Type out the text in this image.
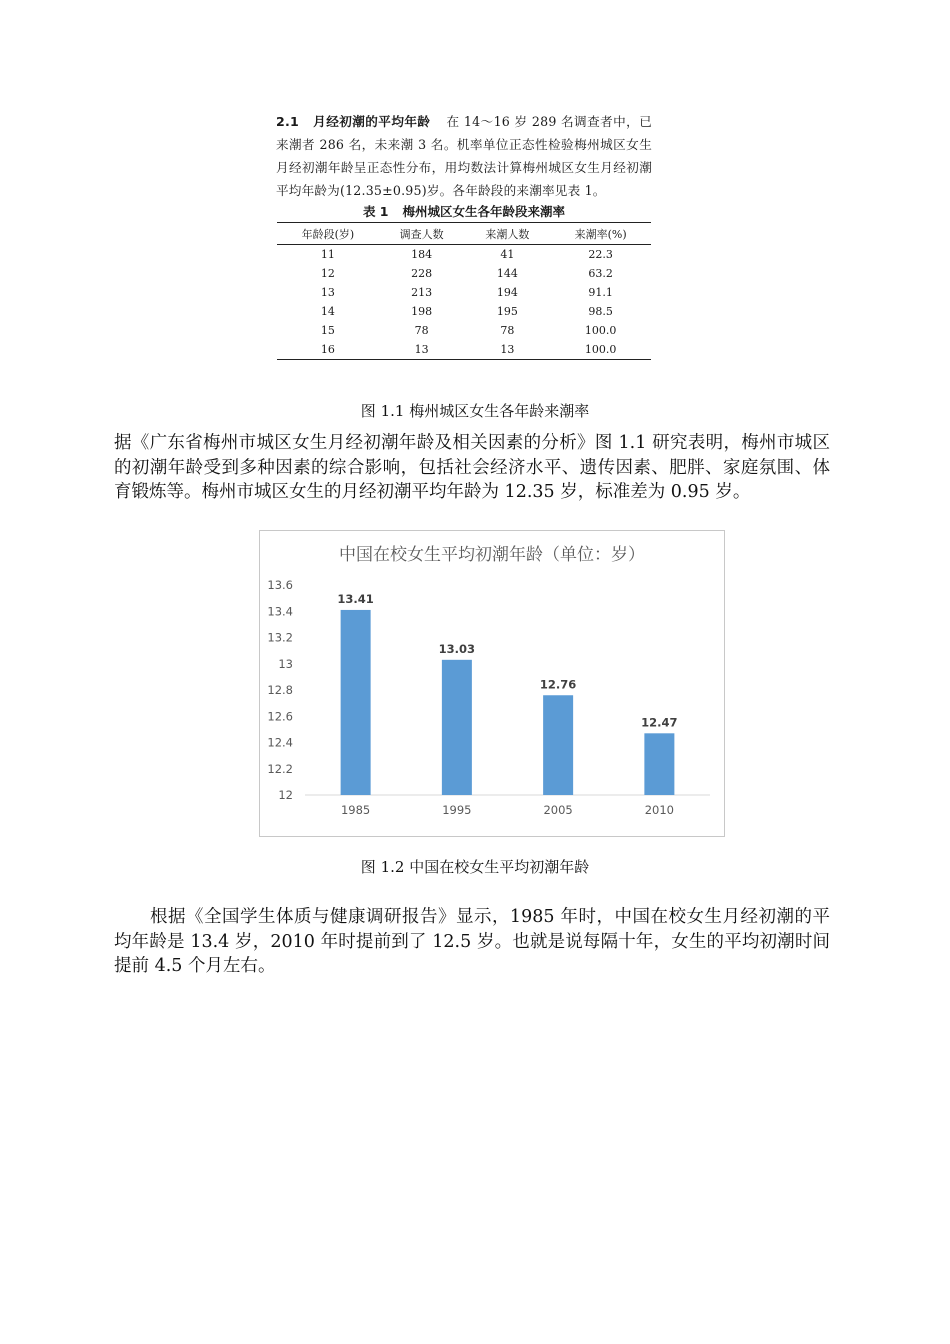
2.1 月经初潮的平均年龄 在 14～16 岁 289 名调查者中，已来潮者 286 名，未来潮 3 名。机率单位正态性检验梅州城区女生月经初潮年龄呈正态性分布，用均数法计算梅州城区女生月经初潮平均年龄为(12.35±0.95)岁。各年龄段的来潮率见表 1。

表 1 梅州城区女生各年龄段来潮率
年龄段(岁)	调查人数	来潮人数	来潮率(%)
11	184	41	22.3
12	228	144	63.2
13	213	194	91.1
14	198	195	98.5
15	78	78	100.0
16	13	13	100.0
图 1.1 梅州城区女生各年龄来潮率

据《广东省梅州市城区女生月经初潮年龄及相关因素的分析》图 1.1 研究表明，梅州市城区的初潮年龄受到多种因素的综合影响，包括社会经济水平、遗传因素、肥胖、家庭氛围、体育锻炼等。梅州市城区女生的月经初潮平均年龄为 12.35 岁，标准差为 0.95 岁。

中国在校女生平均初潮年龄（单位：岁）
12
12.2
12.4
12.6
12.8
13
13.2
13.4
13.6
13.41
13.03
12.76
12.47
1985	1995	2005	2010
图 1.2 中国在校女生平均初潮年龄

根据《全国学生体质与健康调研报告》显示，1985 年时，中国在校女生月经初潮的平均年龄是 13.4 岁，2010 年时提前到了 12.5 岁。也就是说每隔十年，女生的平均初潮时间提前 4.5 个月左右。
